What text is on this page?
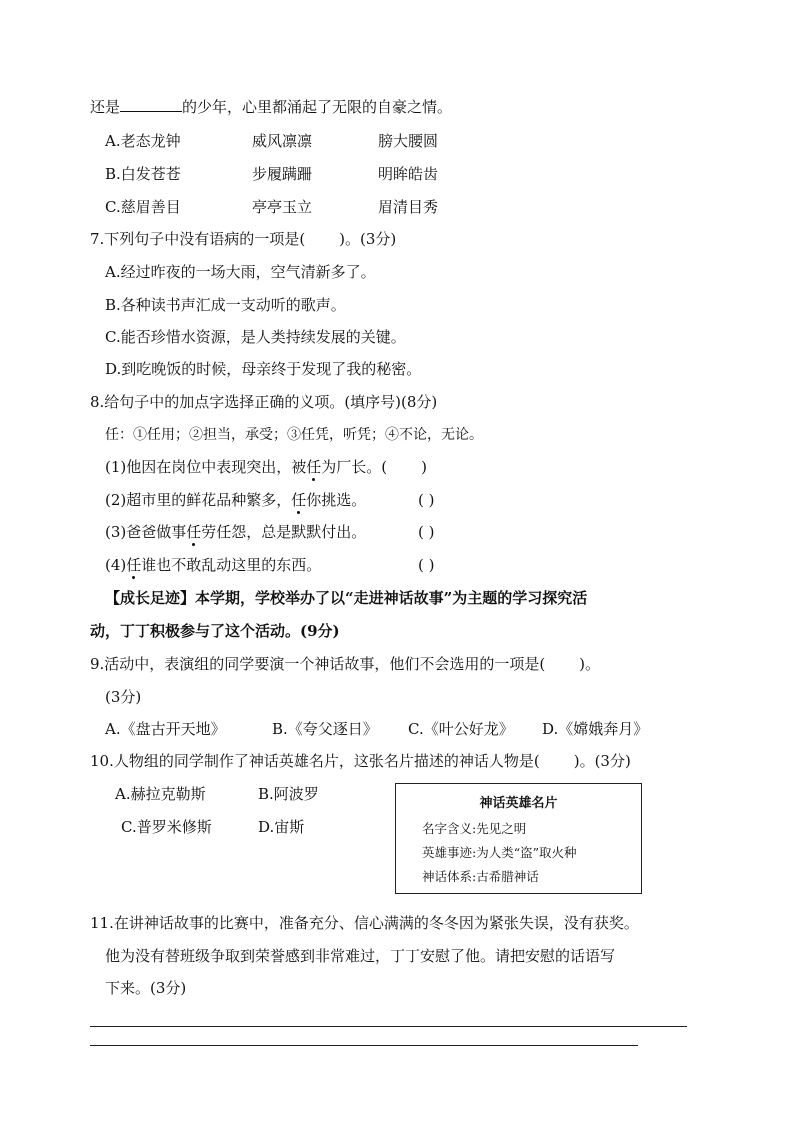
还是	的少年，心里都涌起了无限的自豪之情。
A.老态龙钟	威风凛凛	膀大腰圆
B.白发苍苍	步履蹒跚	明眸皓齿
C.慈眉善目	亭亭玉立	眉清目秀
7.下列句子中没有语病的一项是( )。(3分)
A.经过昨夜的一场大雨，空气清新多了。
B.各种读书声汇成一支动听的歌声。
C.能否珍惜水资源，是人类持续发展的关键。
D.到吃晚饭的时候，母亲终于发现了我的秘密。
8.给句子中的加点字选择正确的义项。(填序号)(8分)
任：①任用；②担当，承受；③任凭，听凭；④不论，无论。
(1)他因在岗位中表现突出，被任为厂长。( )
(2)超市里的鲜花品种繁多，任你挑选。	( )
(3)爸爸做事任劳任怨，总是默默付出。	( )
(4)任谁也不敢乱动这里的东西。	( )
【成长足迹】本学期，学校举办了以“走进神话故事”为主题的学习探究活
动，丁丁积极参与了这个活动。(9分)
9.活动中，表演组的同学要演一个神话故事，他们不会选用的一项是( )。
(3分)
A.《盘古开天地》	B.《夸父逐日》 C.《叶公好龙》 D.《嫦娥奔月》
10.人物组的同学制作了神话英雄名片，这张名片描述的神话人物是( )。(3分)
A.赫拉克勒斯	B.阿波罗
C.普罗米修斯	D.宙斯
神话英雄名片
名字含义:先见之明
英雄事迹:为人类“盗”取火种
神话体系:古希腊神话
11.在讲神话故事的比赛中，准备充分、信心满满的冬冬因为紧张失误，没有获奖。
他为没有替班级争取到荣誉感到非常难过，丁丁安慰了他。请把安慰的话语写
下来。(3分)
